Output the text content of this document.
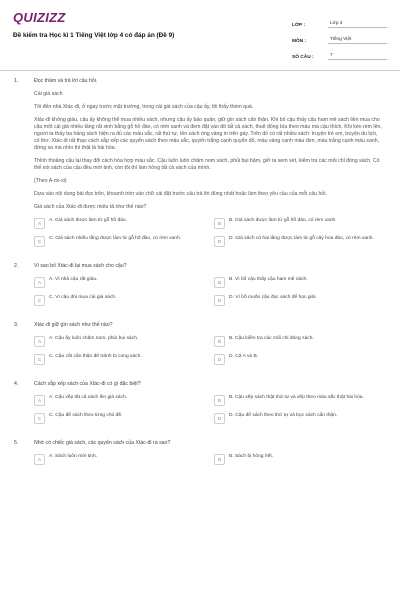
QUIZIZZ
Đề kiểm tra Học kì 1 Tiếng Việt lớp 4 có đáp án (Đề 9)
LỚP :	Lớp 4
MÔN :	Tiếng Việt
SỐ CÂU :	7
1.	Đọc thầm và trả lời câu hỏi.
Cái giá sách
Tôi đến nhà Xtác-đi, ở ngay trước mặt trường, trong cái giá sách của cậu ấy, tôi thấy thèm quá.
Xtác-đi không giàu, cậu ấy không thể mua nhiều sách, nhưng cậu ấy bảo quản, giữ gìn sách cẩn thận. Khi bố cậu thấy cậu ham mê sách liền mua cho cậu một cái giá nhiều tầng rất xinh bằng gỗ hồ đào, có rèm xanh và đem đặt vào đó tất cả sách, thuê đóng bìa theo màu mà cậu thích. Khi kéo rèm lên, người ta thấy ba hàng sách hiện ra đủ các màu sắc, rất thứ tự, tên sách óng vàng in trên gáy. Trên đó có rất nhiều sách: truyện trẻ em, truyện du lịch, có thơ. Xtác-đi rất thạo cách sắp xếp các quyển sách theo màu sắc, quyển trắng cạnh quyển đỏ, màu vàng cạnh màu đen, màu trắng cạnh màu xanh, đứng xa mà nhìn thì thật là hài hòa.
Thỉnh thoảng cậu lại thay đổi cách hòa hợp màu sắc. Cậu luôn luôn chăm nom sách, phủi bụi bặm, giở ra xem xét, kiểm tra các mối chỉ đóng sách. Có thể nói sách của cậu đều mới tinh, còn tôi thì làm hỏng tất cả sách của mình.
(Theo A-mi-xi)
Dựa vào nội dung bài đọc trên, khoanh tròn vào chữ cái đặt trước câu trả lời đúng nhất hoặc làm theo yêu cầu của mỗi câu hỏi.
Giá sách của Xtác-đi được miêu tả như thế nào?
A
A. Giá sách được làm từ gỗ hồ đào.
B
B. Giá sách được làm từ gỗ hồ đào, có rèm xanh.
C
C. Giá sách nhiều tầng được làm từ gỗ hồ đào, có rèm xanh.
D
D. Giá sách có hai tầng được làm từ gỗ cây hoa đào, có rèm xanh.
2.	Vì sao bố Xtác-đi lại mua sách cho cậu?
A
A. Vì nhà cậu rất giàu.
B
B. Vì bố cậu thấy cậu ham mê sách.
C
C. Vì cậu đòi mua cái giá sách.
D
D. Vì bố muốn cậu đọc sách để học giỏi.
3.	Xtác-đi giữ gìn sách như thế nào?
A
A. Cậu ấy luôn chăm nom, phủi bụi sách.
B
B. Cậu kiểm tra các mối chỉ đóng sách.
C
C. Cậu cất cẩn thận để tránh bị cong sách.
D
D. Cả A và B.
4.	Cách sắp xếp sách của Xtác-đi có gì đặc biệt?
A
A. Cậu xếp tất cả sách lên giá sách.
B
B. Cậu xếp sách thật thứ tự và xếp theo màu sắc thật hài hòa.
C
C. Cậu để sách theo từng chủ đề.
D
D. Cậu để sách theo thứ tự và bọc sách cẩn thận.
5.	Nhờ có chiếc giá sách, các quyển sách của Xtác-đi ra sao?
A
A. Sách luôn mới tinh.
B
B. Sách bị hỏng hết.
